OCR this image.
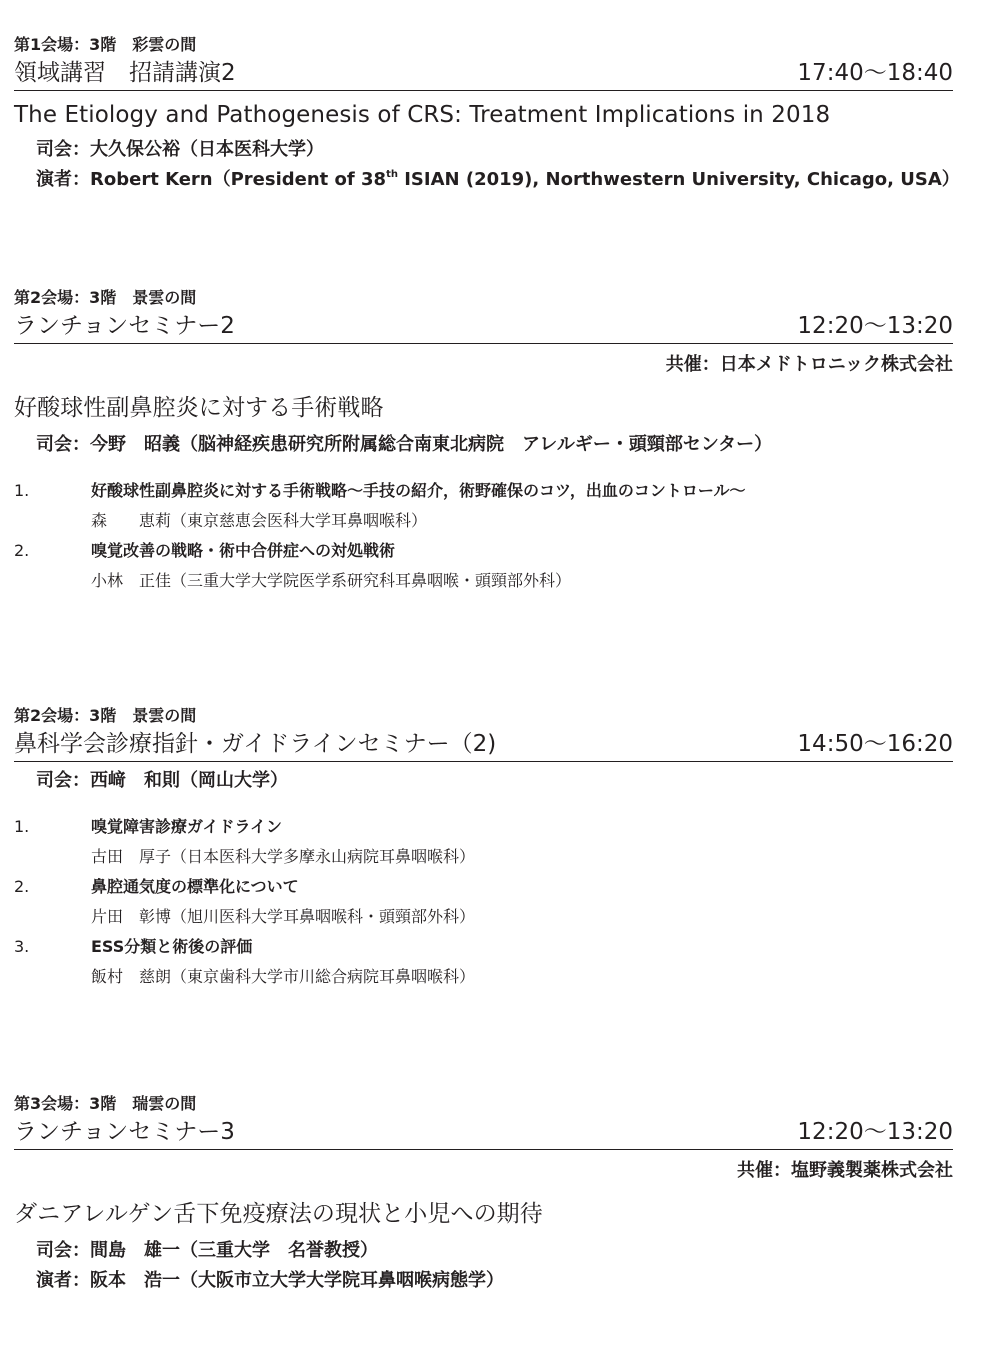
第1会場：3階　彩雲の間
領域講習　招請講演2	17:40～18:40
The Etiology and Pathogenesis of CRS: Treatment Implications in 2018
司会：大久保公裕（日本医科大学）
演者：Robert Kern（President of 38th ISIAN (2019), Northwestern University, Chicago, USA）
第2会場：3階　景雲の間
ランチョンセミナー2	12:20～13:20
共催：日本メドトロニック株式会社
好酸球性副鼻腔炎に対する手術戦略
司会：今野　昭義（脳神経疾患研究所附属総合南東北病院　アレルギー・頭頸部センター）
1.	好酸球性副鼻腔炎に対する手術戦略～手技の紹介，術野確保のコツ，出血のコントロール～
森　　恵莉（東京慈恵会医科大学耳鼻咽喉科）
2.	嗅覚改善の戦略・術中合併症への対処戦術
小林　正佳（三重大学大学院医学系研究科耳鼻咽喉・頭頸部外科）
第2会場：3階　景雲の間
鼻科学会診療指針・ガイドラインセミナー（2)	14:50～16:20
司会：西﨑　和則（岡山大学）
1.	嗅覚障害診療ガイドライン
古田　厚子（日本医科大学多摩永山病院耳鼻咽喉科）
2.	鼻腔通気度の標準化について
片田　彰博（旭川医科大学耳鼻咽喉科・頭頸部外科）
3.	ESS分類と術後の評価
飯村　慈朗（東京歯科大学市川総合病院耳鼻咽喉科）
第3会場：3階　瑞雲の間
ランチョンセミナー3	12:20～13:20
共催：塩野義製薬株式会社
ダニアレルゲン舌下免疫療法の現状と小児への期待
司会：間島　雄一（三重大学　名誉教授）
演者：阪本　浩一（大阪市立大学大学院耳鼻咽喉病態学）
